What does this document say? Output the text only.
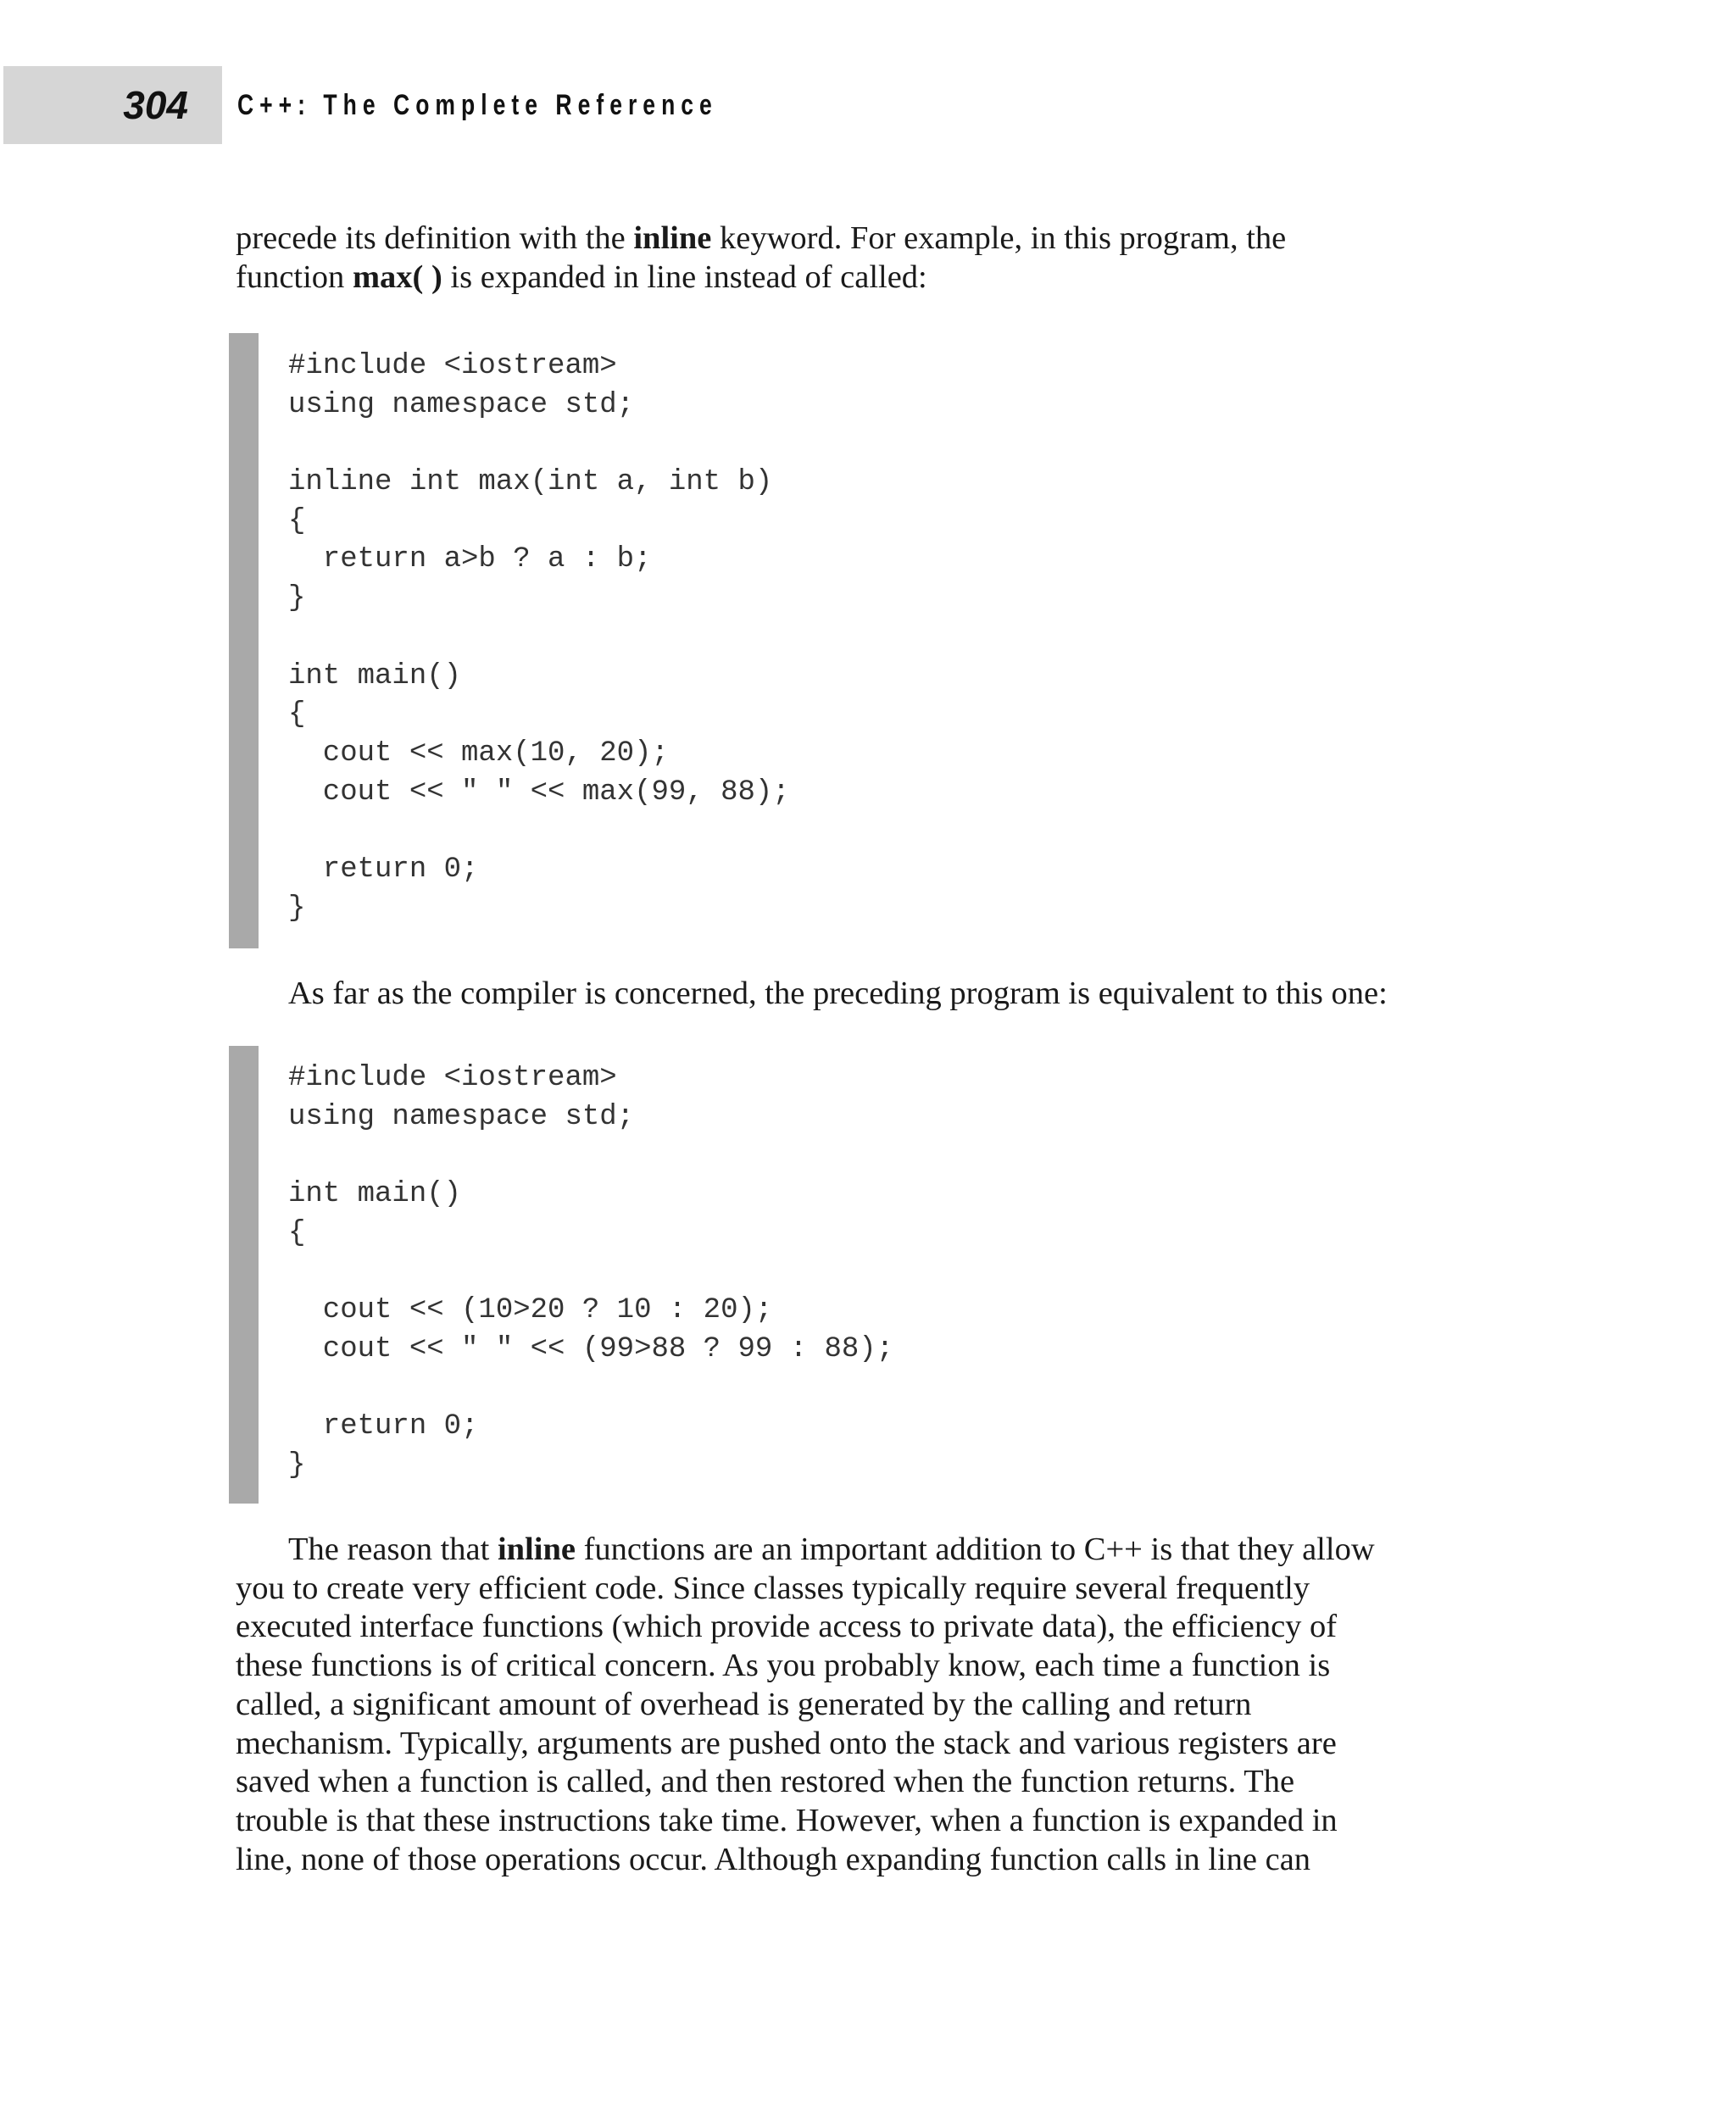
304 C++: The Complete Reference
precede its definition with the inline keyword. For example, in this program, the
function max( ) is expanded in line instead of called:
#include <iostream>
using namespace std;
inline int max(int a, int b)
{
return a>b ? a : b;
}
int main()
{
cout << max(10, 20);
cout << " " << max(99, 88);
return 0;
}
As far as the compiler is concerned, the preceding program is equivalent to this one:
#include <iostream>
using namespace std;
int main()
{
cout << (10>20 ? 10 : 20);
cout << " " << (99>88 ? 99 : 88);
return 0;
}
The reason that inline functions are an important addition to C++ is that they allow
you to create very efficient code. Since classes typically require several frequently
executed interface functions (which provide access to private data), the efficiency of
these functions is of critical concern. As you probably know, each time a function is
called, a significant amount of overhead is generated by the calling and return
mechanism. Typically, arguments are pushed onto the stack and various registers are
saved when a function is called, and then restored when the function returns. The
trouble is that these instructions take time. However, when a function is expanded in
line, none of those operations occur. Although expanding function calls in line can
